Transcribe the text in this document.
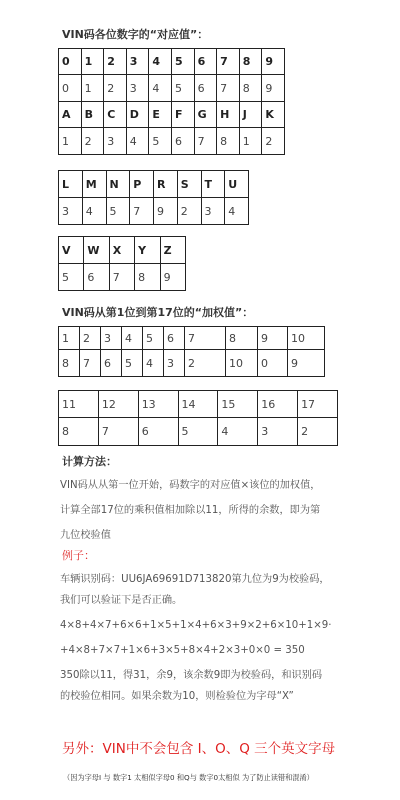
VIN码各位数字的“对应值”：
0	1	2	3	4	5	6	7	8	9
0	1	2	3	4	5	6	7	8	9
A	B	C	D	E	F	G	H	J	K
1	2	3	4	5	6	7	8	1	2
L	M	N	P	R	S	T	U
3	4	5	7	9	2	3	4
V	W	X	Y	Z
5	6	7	8	9
VIN码从第1位到第17位的“加权值”：
1	2	3	4	5	6	7	8	9	10
8	7	6	5	4	3	2	10	0	9
11	12	13	14	15	16	17
8	7	6	5	4	3	2
计算方法：

VIN码从从第一位开始，码数字的对应值×该位的加权值，

计算全部17位的乘积值相加除以11，所得的余数，即为第

九位校验值

例子：

车辆识别码：UU6JA69691D713820第九位为9为校验码，

我们可以验证下是否正确。

4×8+4×7+6×6+1×5+1×4+6×3+9×2+6×10+1×9·

+4×8+7×7+1×6+3×5+8×4+2×3+0×0 = 350

350除以11，得31，余9，该余数9即为校验码，和识别码

的校验位相同。如果余数为10，则检验位为字母“X”

另外：VIN中不会包含 I、O、Q 三个英文字母
（因为字母I 与 数字1 太相似字母0 和Q与 数字0太相似 为了防止读错和混淆）
